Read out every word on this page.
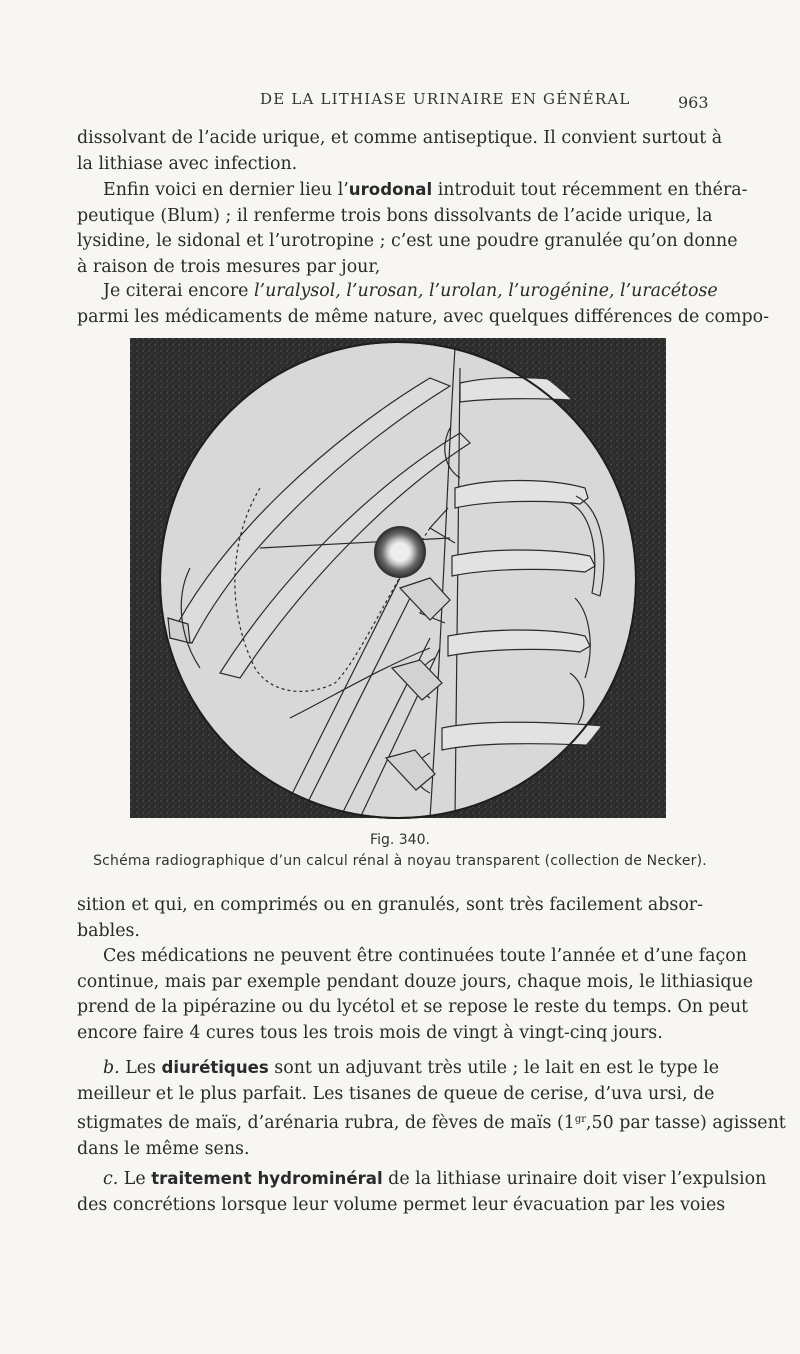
DE LA LITHIASE URINAIRE EN GÉNÉRAL	963
dissolvant de l’acide urique, et comme antiseptique. Il convient surtout à
la lithiase avec infection.
Enfin voici en dernier lieu l’urodonal introduit tout récemment en théra-
peutique (Blum) ; il renferme trois bons dissolvants de l’acide urique, la
lysidine, le sidonal et l’urotropine ; c’est une poudre granulée qu’on donne
à raison de trois mesures par jour,
Je citerai encore l’uralysol, l’urosan, l’urolan, l’urogénine, l’uracétose
parmi les médicaments de même nature, avec quelques différences de compo-
Fig. 340.
Schéma radiographique d’un calcul rénal à noyau transparent (collection de Necker).
sition et qui, en comprimés ou en granulés, sont très facilement absor-
bables.
Ces médications ne peuvent être continuées toute l’année et d’une façon
continue, mais par exemple pendant douze jours, chaque mois, le lithiasique
prend de la pipérazine ou du lycétol et se repose le reste du temps. On peut
encore faire 4 cures tous les trois mois de vingt à vingt-cinq jours.
b. Les diurétiques sont un adjuvant très utile ; le lait en est le type le
meilleur et le plus parfait. Les tisanes de queue de cerise, d’uva ursi, de
stigmates de maïs, d’arénaria rubra, de fèves de maïs ($1^{gr},50$ par tasse) agissent
dans le même sens.
c. Le traitement hydrominéral de la lithiase urinaire doit viser l’expulsion
des concrétions lorsque leur volume permet leur évacuation par les voies
